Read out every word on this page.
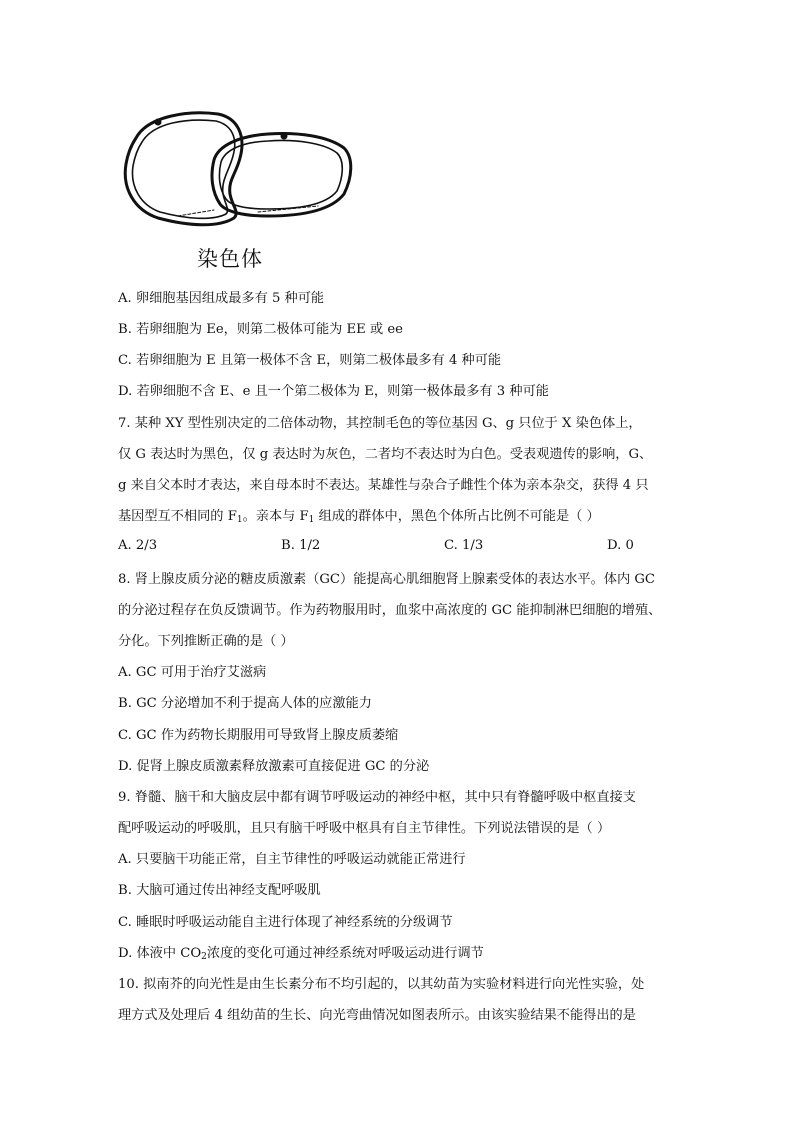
染色体
A. 卵细胞基因组成最多有 5 种可能
B. 若卵细胞为 Ee，则第二极体可能为 EE 或 ee
C. 若卵细胞为 E 且第一极体不含 E，则第二极体最多有 4 种可能
D. 若卵细胞不含 E、e 且一个第二极体为 E，则第一极体最多有 3 种可能
7. 某种 XY 型性别决定的二倍体动物，其控制毛色的等位基因 G、g 只位于 X 染色体上，
仅 G 表达时为黑色，仅 g 表达时为灰色，二者均不表达时为白色。受表观遗传的影响，G、
g 来自父本时才表达，来自母本时不表达。某雄性与杂合子雌性个体为亲本杂交，获得 4 只
基因型互不相同的 $F_1$。亲本与 $F_1$ 组成的群体中，黑色个体所占比例不可能是（ ）
A. 2/3	B. 1/2	C. 1/3	D. 0
8. 肾上腺皮质分泌的糖皮质激素（GC）能提高心肌细胞肾上腺素受体的表达水平。体内 GC
的分泌过程存在负反馈调节。作为药物服用时，血浆中高浓度的 GC 能抑制淋巴细胞的增殖、
分化。下列推断正确的是（ ）
A. GC 可用于治疗艾滋病
B. GC 分泌增加不利于提高人体的应激能力
C. GC 作为药物长期服用可导致肾上腺皮质萎缩
D. 促肾上腺皮质激素释放激素可直接促进 GC 的分泌
9. 脊髓、脑干和大脑皮层中都有调节呼吸运动的神经中枢，其中只有脊髓呼吸中枢直接支
配呼吸运动的呼吸肌，且只有脑干呼吸中枢具有自主节律性。下列说法错误的是（ ）
A. 只要脑干功能正常，自主节律性的呼吸运动就能正常进行
B. 大脑可通过传出神经支配呼吸肌
C. 睡眠时呼吸运动能自主进行体现了神经系统的分级调节
D. 体液中 $CO_2$浓度的变化可通过神经系统对呼吸运动进行调节
10. 拟南芥的向光性是由生长素分布不均引起的，以其幼苗为实验材料进行向光性实验，处
理方式及处理后 4 组幼苗的生长、向光弯曲情况如图表所示。由该实验结果不能得出的是
